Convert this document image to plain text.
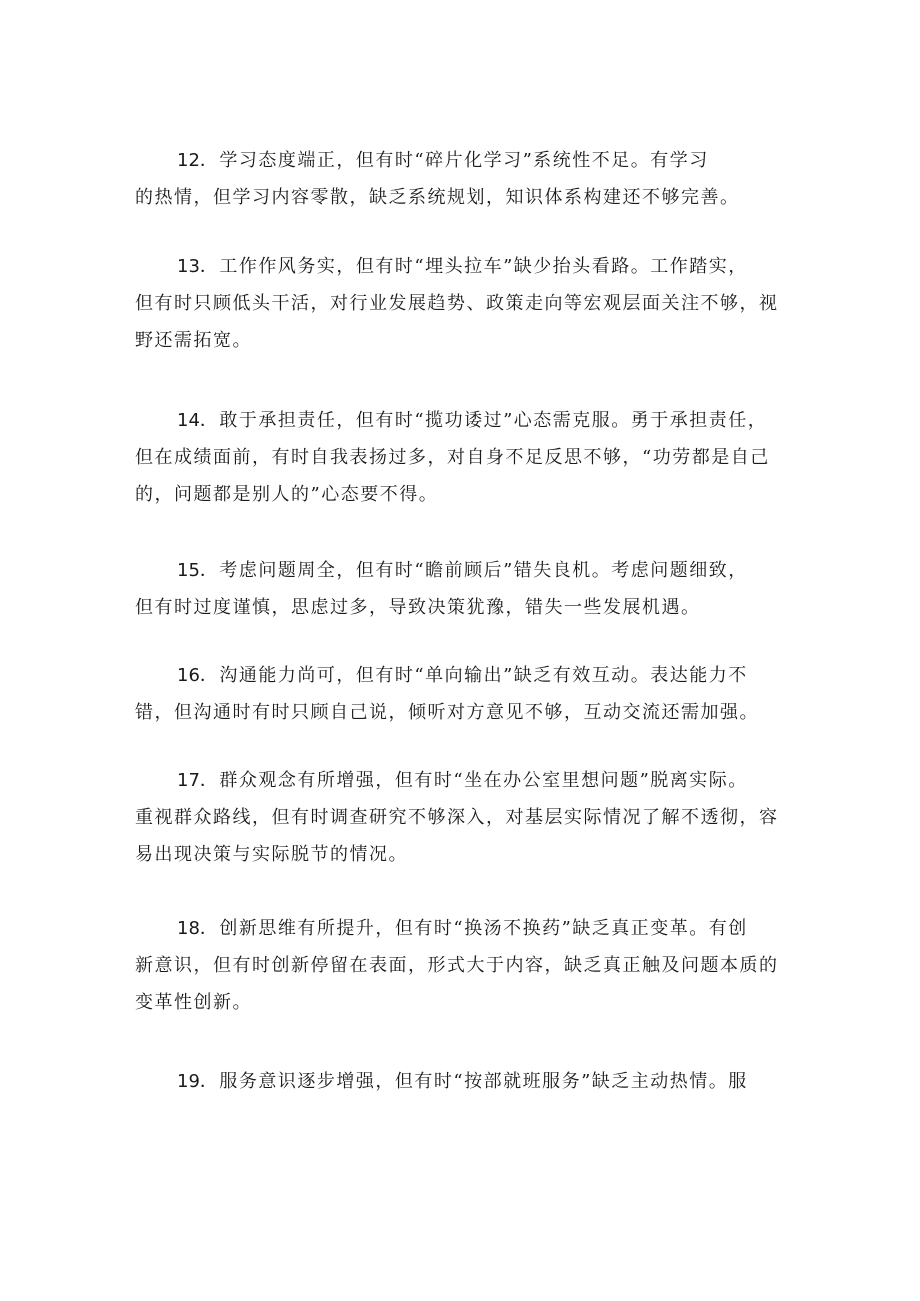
12．学习态度端正，但有时“碎片化学习”系统性不足。有学习
的热情，但学习内容零散，缺乏系统规划，知识体系构建还不够完善。
13．工作作风务实，但有时“埋头拉车”缺少抬头看路。工作踏实，
但有时只顾低头干活，对行业发展趋势、政策走向等宏观层面关注不够，视
野还需拓宽。
14．敢于承担责任，但有时“揽功诿过”心态需克服。勇于承担责任，
但在成绩面前，有时自我表扬过多，对自身不足反思不够，“功劳都是自己
的，问题都是别人的”心态要不得。
15．考虑问题周全，但有时“瞻前顾后”错失良机。考虑问题细致，
但有时过度谨慎，思虑过多，导致决策犹豫，错失一些发展机遇。
16．沟通能力尚可，但有时“单向输出”缺乏有效互动。表达能力不
错，但沟通时有时只顾自己说，倾听对方意见不够，互动交流还需加强。
17．群众观念有所增强，但有时“坐在办公室里想问题”脱离实际。
重视群众路线，但有时调查研究不够深入，对基层实际情况了解不透彻，容
易出现决策与实际脱节的情况。
18．创新思维有所提升，但有时“换汤不换药”缺乏真正变革。有创
新意识，但有时创新停留在表面，形式大于内容，缺乏真正触及问题本质的
变革性创新。
19．服务意识逐步增强，但有时“按部就班服务”缺乏主动热情。服
